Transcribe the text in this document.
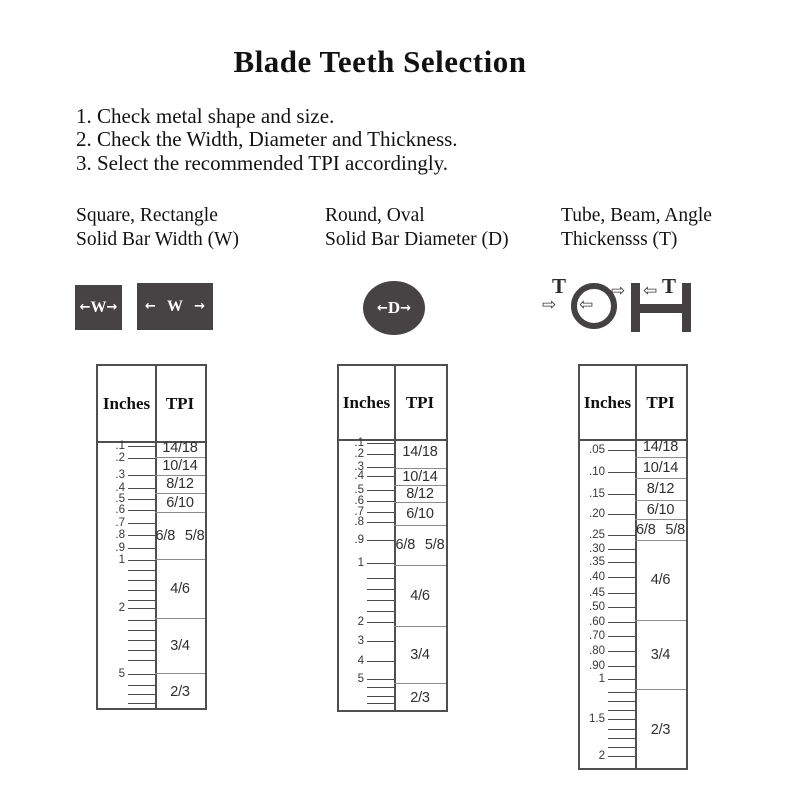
Blade Teeth Selection
1. Check metal shape and size.
2. Check the Width, Diameter and Thickness.
3. Select the recommended TPI accordingly.
Square, Rectangle
Solid Bar Width (W)
Round, Oval
Solid Bar Diameter (D)
Tube, Beam, Angle
Thickensss (T)
← W → ← W →	← D →
T
⇨ ⇦
⇨ ⇦ T
Inches TPI
.1
.2
.3
.4
.5
.6
.7
.8
.9
1
2
5
14/18
10/14
8/12
6/10
6/8 5/8
4/6
3/4
2/3
Inches TPI
.1
.2
.3
.4
.5
.6
.7
.8
.9
1
2
3
4
5
14/18
10/14
8/12
6/10
6/8 5/8
4/6
3/4
2/3
Inches TPI
.05
.10
.15
.20
.25
.30
.35
.40
.45
.50
.60
.70
.80
.90
1
1.5
2
14/18
10/14
8/12
6/10
6/8 5/8
4/6
3/4
2/3
